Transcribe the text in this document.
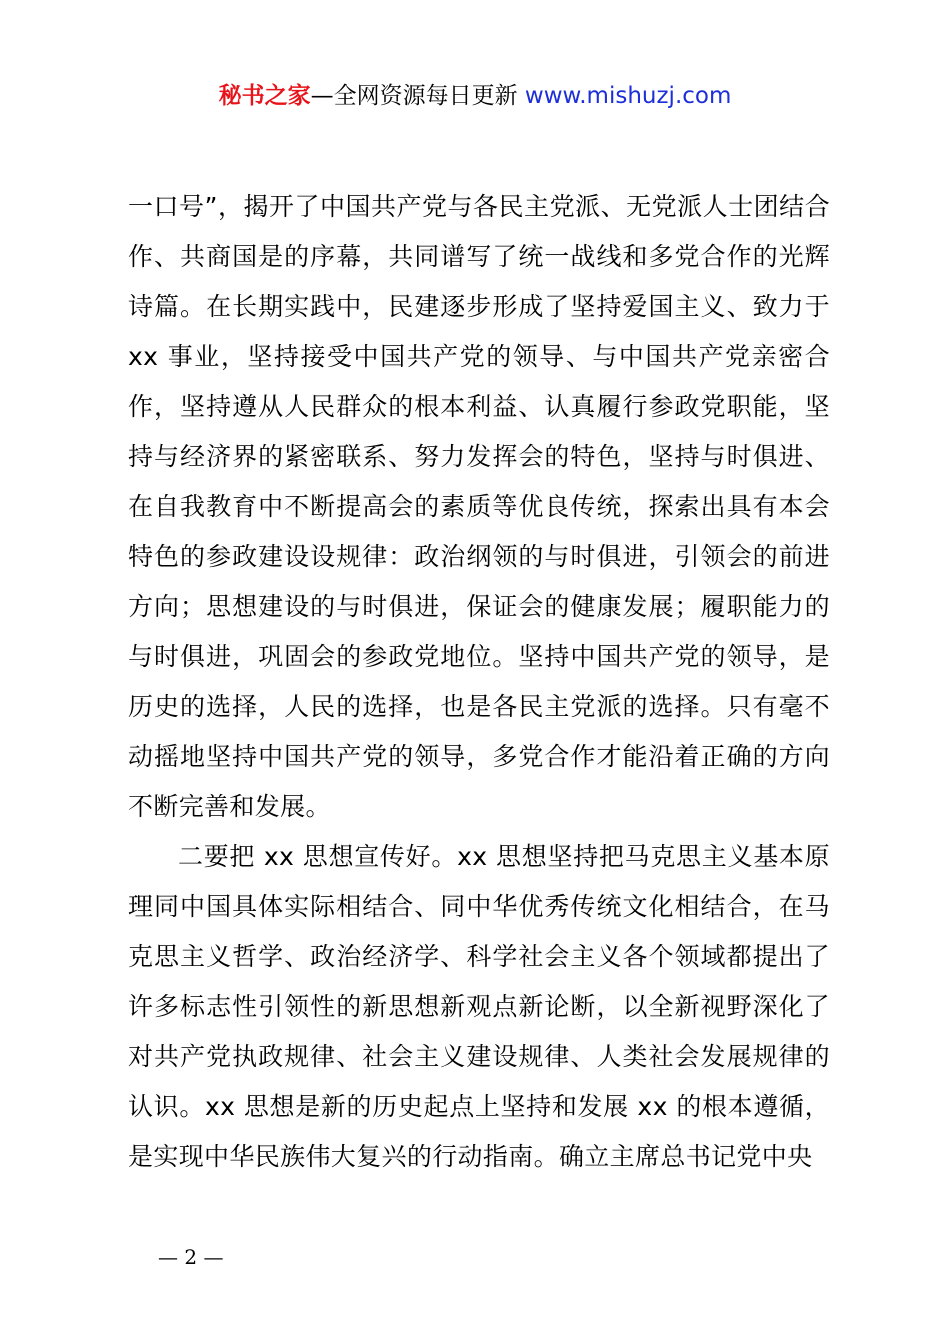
秘书之家—全网资源每日更新 www.mishuzj.com

一口号”，揭开了中国共产党与各民主党派、无党派人士团结合作、共商国是的序幕，共同谱写了统一战线和多党合作的光辉诗篇。在长期实践中，民建逐步形成了坚持爱国主义、致力于 xx 事业，坚持接受中国共产党的领导、与中国共产党亲密合作，坚持遵从人民群众的根本利益、认真履行参政党职能，坚持与经济界的紧密联系、努力发挥会的特色，坚持与时俱进、在自我教育中不断提高会的素质等优良传统，探索出具有本会特色的参政建设设规律：政治纲领的与时俱进，引领会的前进方向；思想建设的与时俱进，保证会的健康发展；履职能力的与时俱进，巩固会的参政党地位。坚持中国共产党的领导，是历史的选择，人民的选择，也是各民主党派的选择。只有毫不动摇地坚持中国共产党的领导，多党合作才能沿着正确的方向不断完善和发展。

二要把 xx 思想宣传好。xx 思想坚持把马克思主义基本原理同中国具体实际相结合、同中华优秀传统文化相结合，在马克思主义哲学、政治经济学、科学社会主义各个领域都提出了许多标志性引领性的新思想新观点新论断，以全新视野深化了对共产党执政规律、社会主义建设规律、人类社会发展规律的认识。xx 思想是新的历史起点上坚持和发展 xx 的根本遵循，是实现中华民族伟大复兴的行动指南。确立主席总书记党中央

— 2 —
